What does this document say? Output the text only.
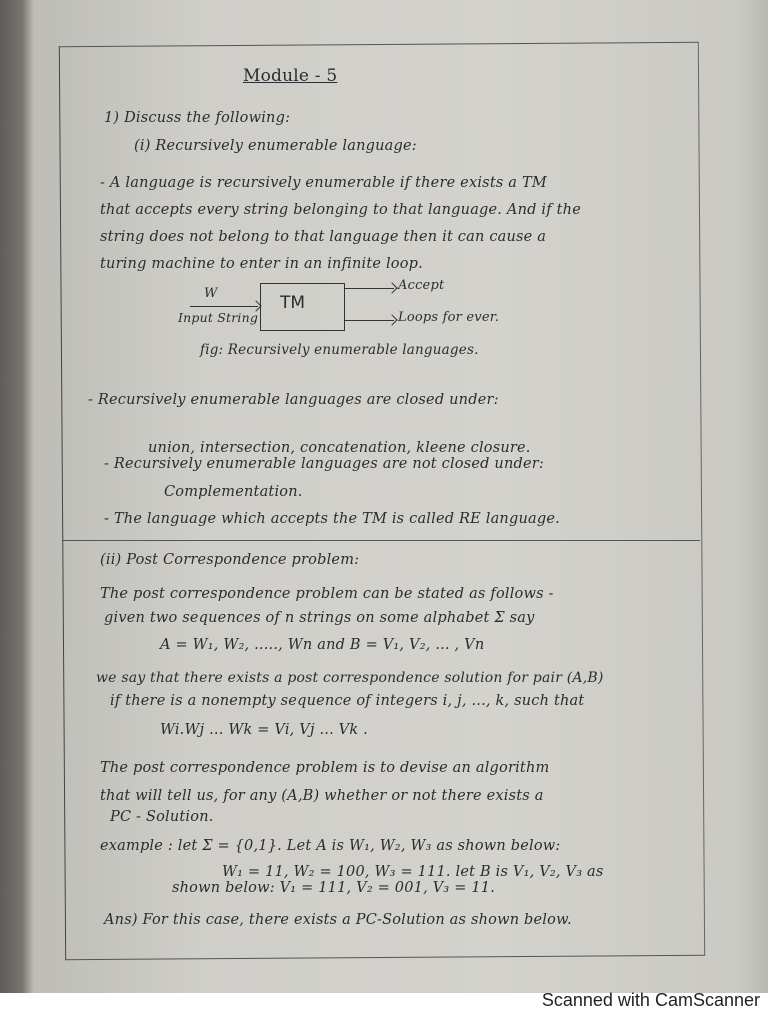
Module - 5
1) Discuss the following:
(i) Recursively enumerable language:
- A language is recursively enumerable if there exists a TM
that accepts every string belonging to that language. And if the
string does not belong to that language then it can cause a
turing machine to enter in an infinite loop.
W
Input String
TM
Accept
Loops for ever.
fig: Recursively enumerable languages.
- Recursively enumerable languages are closed under:
union, intersection, concatenation, kleene closure.
- Recursively enumerable languages are not closed under:
Complementation.
- The language which accepts the TM is called RE language.
(ii) Post Correspondence problem:
The post correspondence problem can be stated as follows -
given two sequences of n strings on some alphabet Σ say
A = W₁, W₂, ....., Wn and B = V₁, V₂, ... , Vn
we say that there exists a post correspondence solution for pair (A,B)
if there is a nonempty sequence of integers i, j, ..., k, such that
Wi.Wj ... Wk = Vi, Vj ... Vk .
The post correspondence problem is to devise an algorithm
that will tell us, for any (A,B) whether or not there exists a
PC - Solution.
example : let Σ = {0,1}. Let A is W₁, W₂, W₃ as shown below:
W₁ = 11, W₂ = 100, W₃ = 111. let B is V₁, V₂, V₃ as
shown below: V₁ = 111, V₂ = 001, V₃ = 11.
Ans) For this case, there exists a PC-Solution as shown below.
Scanned with CamScanner
